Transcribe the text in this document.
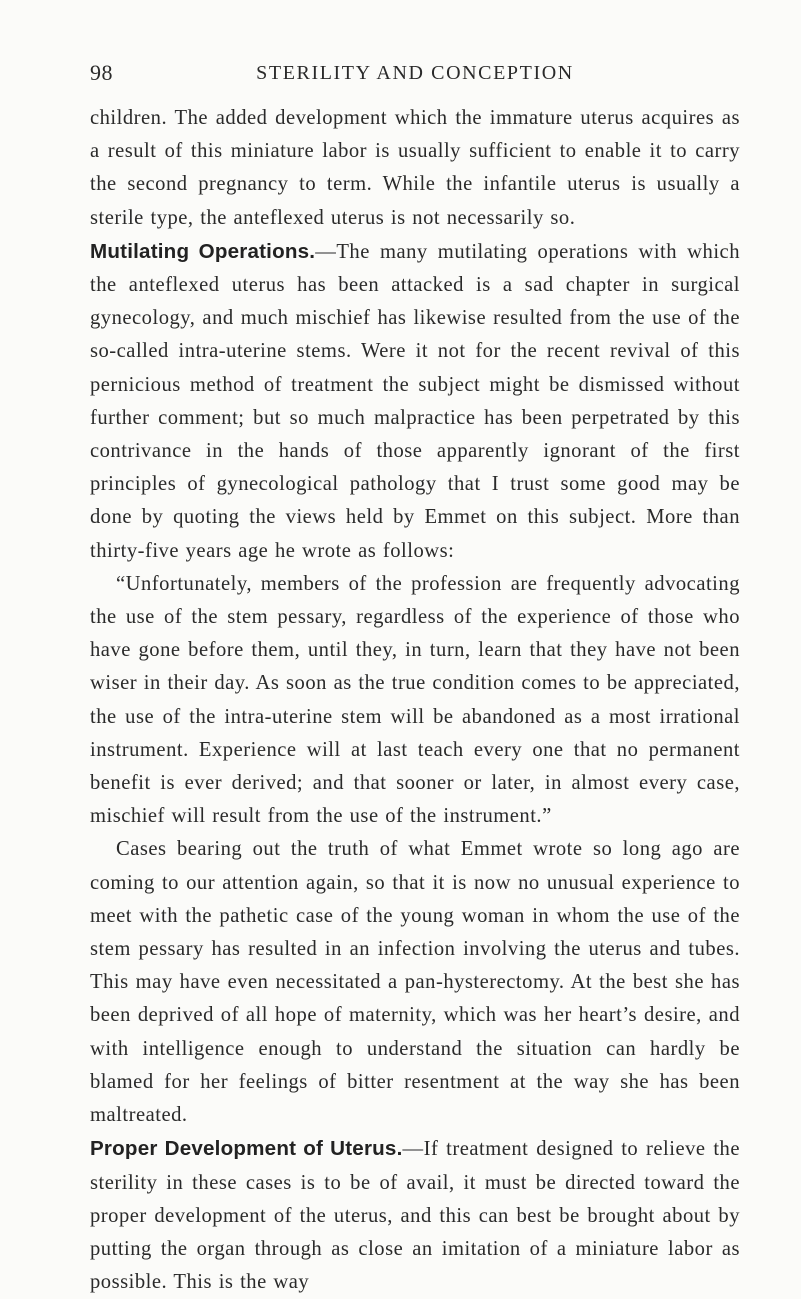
98	STERILITY AND CONCEPTION

children. The added development which the immature uterus acquires as a result of this miniature labor is usually sufficient to enable it to carry the second pregnancy to term. While the infantile uterus is usually a sterile type, the anteflexed uterus is not necessarily so.

Mutilating Operations.—The many mutilating operations with which the anteflexed uterus has been attacked is a sad chapter in surgical gynecology, and much mischief has likewise resulted from the use of the so-called intra-uterine stems. Were it not for the recent revival of this pernicious method of treatment the subject might be dismissed without further comment; but so much malpractice has been perpetrated by this contrivance in the hands of those apparently ignorant of the first principles of gynecological pathology that I trust some good may be done by quoting the views held by Emmet on this subject. More than thirty-five years age he wrote as follows:

“Unfortunately, members of the profession are frequently advocating the use of the stem pessary, regardless of the experience of those who have gone before them, until they, in turn, learn that they have not been wiser in their day. As soon as the true condition comes to be appreciated, the use of the intra-uterine stem will be abandoned as a most irrational instrument. Experience will at last teach every one that no permanent benefit is ever derived; and that sooner or later, in almost every case, mischief will result from the use of the instrument.”

Cases bearing out the truth of what Emmet wrote so long ago are coming to our attention again, so that it is now no unusual experience to meet with the pathetic case of the young woman in whom the use of the stem pessary has resulted in an infection involving the uterus and tubes. This may have even necessitated a pan-hysterectomy. At the best she has been deprived of all hope of maternity, which was her heart’s desire, and with intelligence enough to understand the situation can hardly be blamed for her feelings of bitter resentment at the way she has been maltreated.

Proper Development of Uterus.—If treatment designed to relieve the sterility in these cases is to be of avail, it must be directed toward the proper development of the uterus, and this can best be brought about by putting the organ through as close an imitation of a miniature labor as possible. This is the way
